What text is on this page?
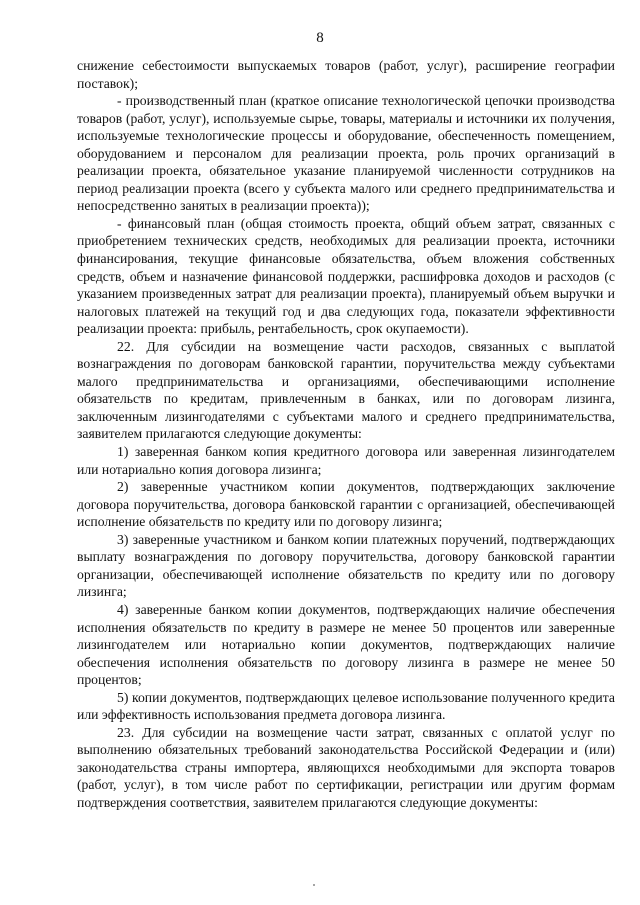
8

снижение себестоимости выпускаемых товаров (работ, услуг), расширение географии поставок);

- производственный план (краткое описание технологической цепочки производства товаров (работ, услуг), используемые сырье, товары, материалы и источники их получения, используемые технологические процессы и оборудование, обеспеченность помещением, оборудованием и персоналом для реализации проекта, роль прочих организаций в реализации проекта, обязательное указание планируемой численности сотрудников на период реализации проекта (всего у субъекта малого или среднего предпринимательства и непосредственно занятых в реализации проекта));

- финансовый план (общая стоимость проекта, общий объем затрат, связанных с приобретением технических средств, необходимых для реализации проекта, источники финансирования, текущие финансовые обязательства, объем вложения собственных средств, объем и назначение финансовой поддержки, расшифровка доходов и расходов (с указанием произведенных затрат для реализации проекта), планируемый объем выручки и налоговых платежей на текущий год и два следующих года, показатели эффективности реализации проекта: прибыль, рентабельность, срок окупаемости).

22. Для субсидии на возмещение части расходов, связанных с выплатой вознаграждения по договорам банковской гарантии, поручительства между субъектами малого предпринимательства и организациями, обеспечивающими исполнение обязательств по кредитам, привлеченным в банках, или по договорам лизинга, заключенным лизингодателями с субъектами малого и среднего предпринимательства, заявителем прилагаются следующие документы:

1) заверенная банком копия кредитного договора или заверенная лизингодателем или нотариально копия договора лизинга;

2) заверенные участником копии документов, подтверждающих заключение договора поручительства, договора банковской гарантии с организацией, обеспечивающей исполнение обязательств по кредиту или по договору лизинга;

3) заверенные участником и банком копии платежных поручений, подтверждающих выплату вознаграждения по договору поручительства, договору банковской гарантии организации, обеспечивающей исполнение обязательств по кредиту или по договору лизинга;

4) заверенные банком копии документов, подтверждающих наличие обеспечения исполнения обязательств по кредиту в размере не менее 50 процентов или заверенные лизингодателем или нотариально копии документов, подтверждающих наличие обеспечения исполнения обязательств по договору лизинга в размере не менее 50 процентов;

5) копии документов, подтверждающих целевое использование полученного кредита или эффективность использования предмета договора лизинга.

23. Для субсидии на возмещение части затрат, связанных с оплатой услуг по выполнению обязательных требований законодательства Российской Федерации и (или) законодательства страны импортера, являющихся необходимыми для экспорта товаров (работ, услуг), в том числе работ по сертификации, регистрации или другим формам подтверждения соответствия, заявителем прилагаются следующие документы:
